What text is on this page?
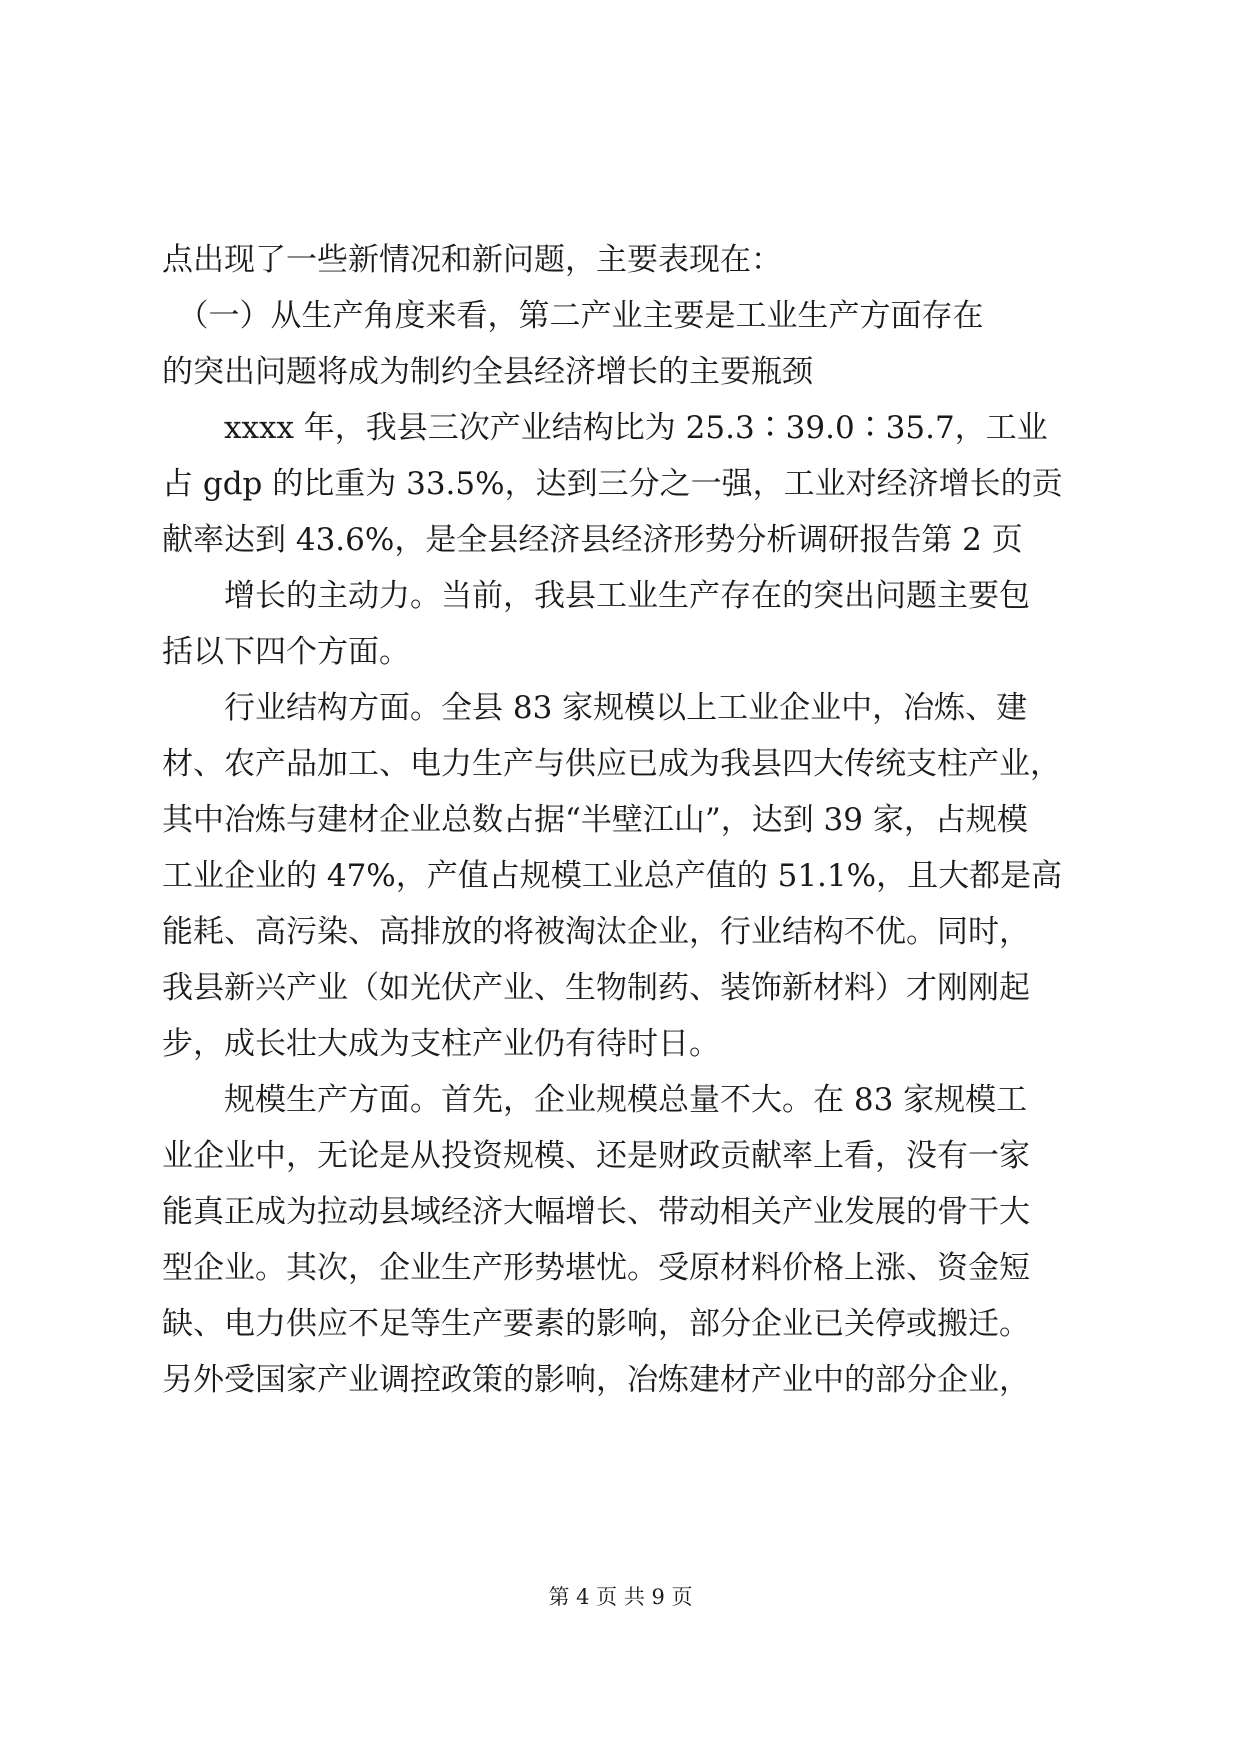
点出现了一些新情况和新问题，主要表现在：
　（一）从生产角度来看，第二产业主要是工业生产方面存在
的突出问题将成为制约全县经济增长的主要瓶颈
　　xxxx 年，我县三次产业结构比为 25.3∶39.0∶35.7，工业
占 gdp 的比重为 33.5%，达到三分之一强，工业对经济增长的贡
献率达到 43.6%，是全县经济县经济形势分析调研报告第 2 页
　　增长的主动力。当前，我县工业生产存在的突出问题主要包
括以下四个方面。
　　行业结构方面。全县 83 家规模以上工业企业中，冶炼、建
材、农产品加工、电力生产与供应已成为我县四大传统支柱产业，
其中冶炼与建材企业总数占据“半壁江山”，达到 39 家，占规模
工业企业的 47%，产值占规模工业总产值的 51.1%，且大都是高
能耗、高污染、高排放的将被淘汰企业，行业结构不优。同时，
我县新兴产业（如光伏产业、生物制药、装饰新材料）才刚刚起
步，成长壮大成为支柱产业仍有待时日。
　　规模生产方面。首先，企业规模总量不大。在 83 家规模工
业企业中，无论是从投资规模、还是财政贡献率上看，没有一家
能真正成为拉动县域经济大幅增长、带动相关产业发展的骨干大
型企业。其次，企业生产形势堪忧。受原材料价格上涨、资金短
缺、电力供应不足等生产要素的影响，部分企业已关停或搬迁。
另外受国家产业调控政策的影响，冶炼建材产业中的部分企业，
第 4 页 共 9 页
